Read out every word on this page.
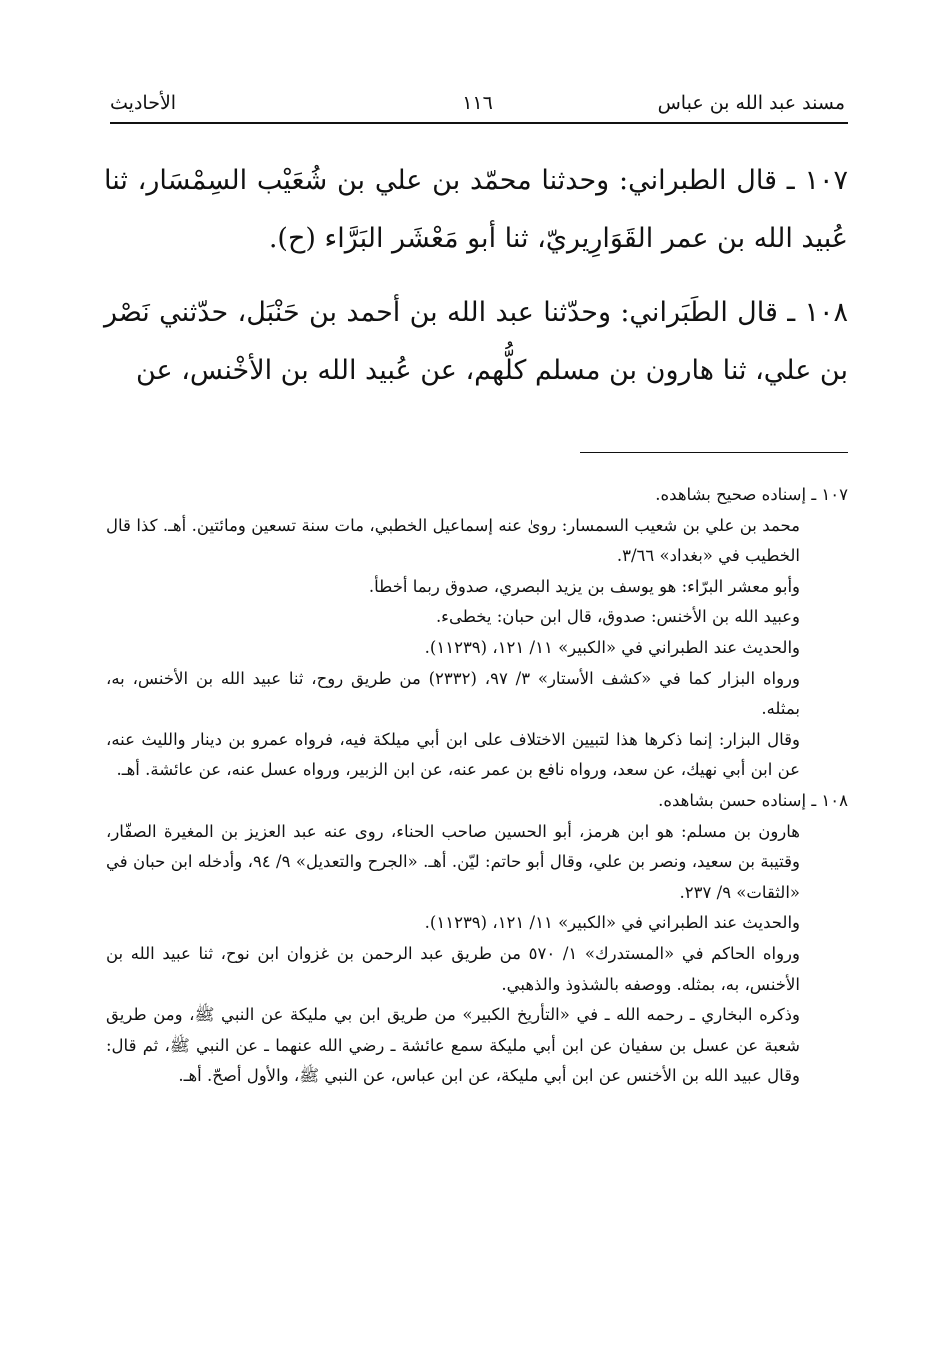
مسند عبد الله بن عباس
١١٦
الأحاديث

١٠٧ ـ قال الطبراني: وحدثنا محمّد بن علي بن شُعَيْب السِمْسَار، ثنا عُبيد الله بن عمر القَوَارِيريّ، ثنا أبو مَعْشَر البَرَّاء (ح).

١٠٨ ـ قال الطَبَراني: وحدّثنا عبد الله بن أحمد بن حَنْبَل، حدّثني نَصْر بن علي، ثنا هارون بن مسلم كلُّهم، عن عُبيد الله بن الأخْنس، عن

١٠٧ ـ إسناده صحيح بشاهده.

محمد بن علي بن شعيب السمسار: روىٰ عنه إسماعيل الخطبي، مات سنة تسعين ومائتين. أهـ. كذا قال الخطيب في «بغداد» ٣/٦٦.

وأبو معشر البرّاء: هو يوسف بن يزيد البصري، صدوق ربما أخطأ.

وعبيد الله بن الأخنس: صدوق، قال ابن حبان: يخطىء.

والحديث عند الطبراني في «الكبير» ١١/ ١٢١، (١١٢٣٩).

ورواه البزار كما في «كشف الأستار» ٣/ ٩٧، (٢٣٣٢) من طريق روح، ثنا عبيد الله بن الأخنس، به، بمثله.

وقال البزار: إنما ذكرها هذا لتبيين الاختلاف على ابن أبي ميلكة فيه، فرواه عمرو بن دينار والليث عنه، عن ابن أبي نهيك، عن سعد، ورواه نافع بن عمر عنه، عن ابن الزبير، ورواه عسل عنه، عن عائشة. أهـ.

١٠٨ ـ إسناده حسن بشاهده.

هارون بن مسلم: هو ابن هرمز، أبو الحسين صاحب الحناء، روى عنه عبد العزيز بن المغيرة الصفّار، وقتيبة بن سعيد، ونصر بن علي، وقال أبو حاتم: ليّن. أهـ. «الجرح والتعديل» ٩/ ٩٤، وأدخله ابن حبان في «الثقات» ٩/ ٢٣٧.

والحديث عند الطبراني في «الكبير» ١١/ ١٢١، (١١٢٣٩).

ورواه الحاكم في «المستدرك» ١/ ٥٧٠ من طريق عبد الرحمن بن غزوان ابن نوح، ثنا عبيد الله بن الأخنس، به، بمثله. ووصفه بالشذوذ والذهبي.

وذكره البخاري ـ رحمه الله ـ في «التأريخ الكبير» من طريق ابن بي مليكة عن النبي ﷺ، ومن طريق شعبة عن عسل بن سفيان عن ابن أبي مليكة سمع عائشة ـ رضي الله عنهما ـ عن النبي ﷺ، ثم قال: وقال عبيد الله بن الأخنس عن ابن أبي مليكة، عن ابن عباس، عن النبي ﷺ، والأول أصحّ. أهـ.
